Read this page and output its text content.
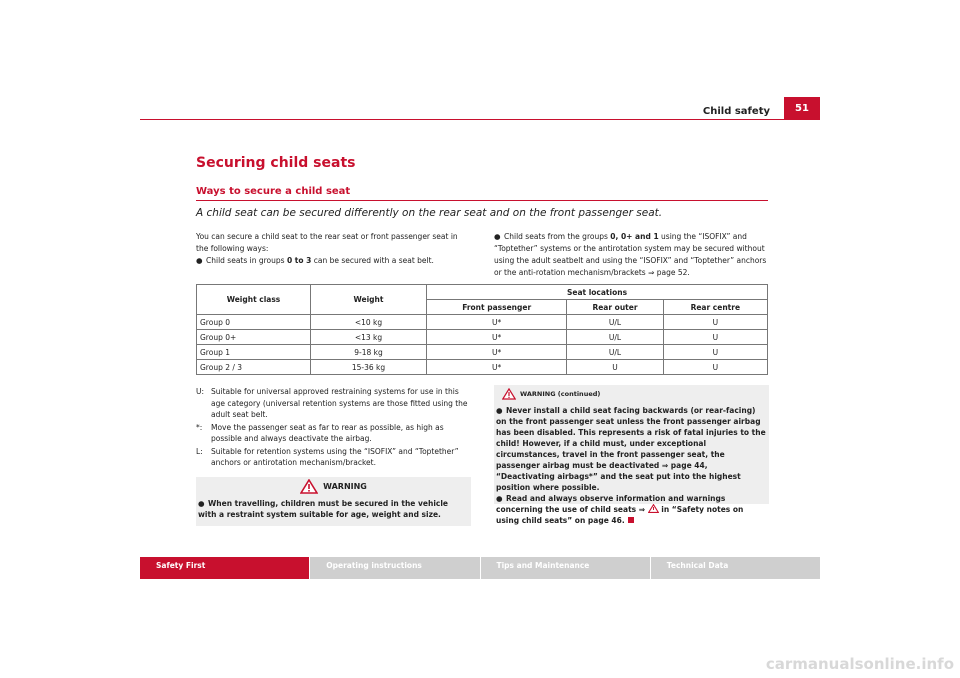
Child safety	51
Securing child seats
Ways to secure a child seat
A child seat can be secured differently on the rear seat and on the front passenger seat.

You can secure a child seat to the rear seat or front passenger seat in the following ways:

● Child seats in groups 0 to 3 can be secured with a seat belt.

● Child seats from the groups 0, 0+ and 1 using the “ISOFIX” and “Toptether” systems or the antirotation system may be secured without using the adult seatbelt and using the “ISOFIX” and “Toptether” anchors or the anti-rotation mechanism/brackets ⇒ page 52.

Weight class	Weight	Seat locations		
		Front passenger	Rear outer	Rear centre
Group 0	<10 kg	U*	U/L	U
Group 0+	<13 kg	U*	U/L	U
Group 1	9-18 kg	U*	U/L	U
Group 2 / 3	15-36 kg	U*	U	U
U: Suitable for universal approved restraining systems for use in this age category (universal retention systems are those fitted using the adult seat belt.
*:	Move the passenger seat as far to rear as possible, as high as possible and always deactivate the airbag.
L:	Suitable for retention systems using the “ISOFIX” and “Toptether” anchors or antirotation mechanism/bracket.
WARNING
● When travelling, children must be secured in the vehicle with a restraint system suitable for age, weight and size.
WARNING (continued)

● Never install a child seat facing backwards (or rear-facing) on the front passenger seat unless the front passenger airbag has been disabled. This represents a risk of fatal injuries to the child! However, if a child must, under exceptional circumstances, travel in the front passenger seat, the passenger airbag must be deactivated ⇒ page 44, “Deactivating airbags*” and the seat put into the highest position where possible.

● Read and always observe information and warnings concerning the use of child seats ⇒ in “Safety notes on using child seats” on page 46.

Safety First	Operating instructions	Tips and Maintenance	Technical Data
carmanualsonline.info
